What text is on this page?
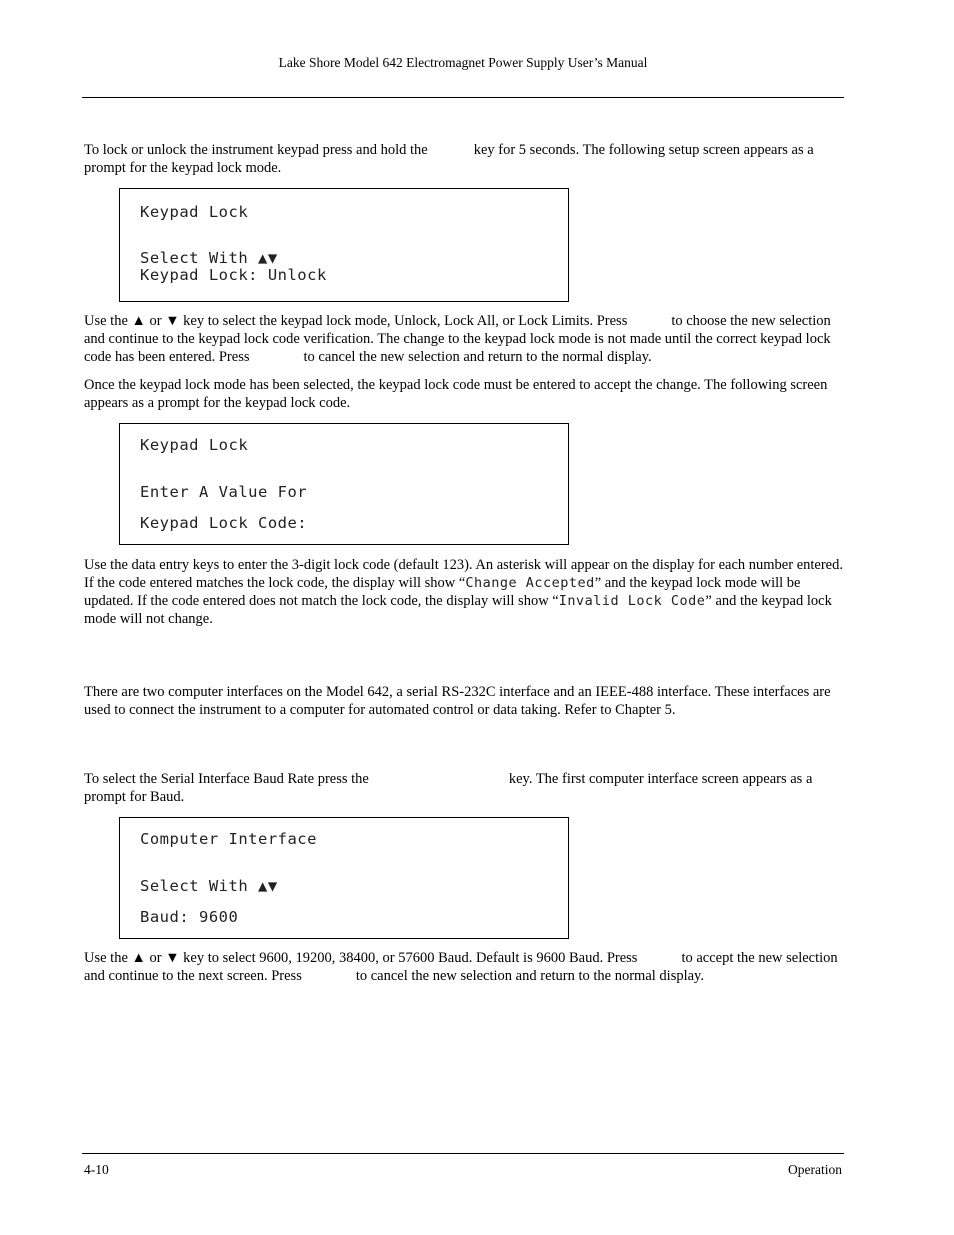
Lake Shore Model 642 Electromagnet Power Supply User’s Manual

To lock or unlock the instrument keypad press and hold the	key for 5 seconds. The following setup screen appears as a prompt for the keypad lock mode.

Keypad Lock
Select With ▲▼
Keypad Lock: Unlock

Use the ▲ or ▼ key to select the keypad lock mode, Unlock, Lock All, or Lock Limits. Press	to choose the new selection and continue to the keypad lock code verification. The change to the keypad lock mode is not made until the correct keypad lock code has been entered. Press	to cancel the new selection and return to the normal display.

Once the keypad lock mode has been selected, the keypad lock code must be entered to accept the change. The following screen appears as a prompt for the keypad lock code.

Keypad Lock
Enter A Value For
Keypad Lock Code:

Use the data entry keys to enter the 3-digit lock code (default 123). An asterisk will appear on the display for each number entered. If the code entered matches the lock code, the display will show “Change Accepted” and the keypad lock mode will be updated. If the code entered does not match the lock code, the display will show “Invalid Lock Code” and the keypad lock mode will not change.

There are two computer interfaces on the Model 642, a serial RS-232C interface and an IEEE-488 interface. These interfaces are used to connect the instrument to a computer for automated control or data taking. Refer to Chapter 5.

To select the Serial Interface Baud Rate press the	key. The first computer interface screen appears as a prompt for Baud.

Computer Interface
Select With ▲▼
Baud: 9600

Use the ▲ or ▼ key to select 9600, 19200, 38400, or 57600 Baud. Default is 9600 Baud. Press	to accept the new selection and continue to the next screen. Press	to cancel the new selection and return to the normal display.

4-10	Operation
